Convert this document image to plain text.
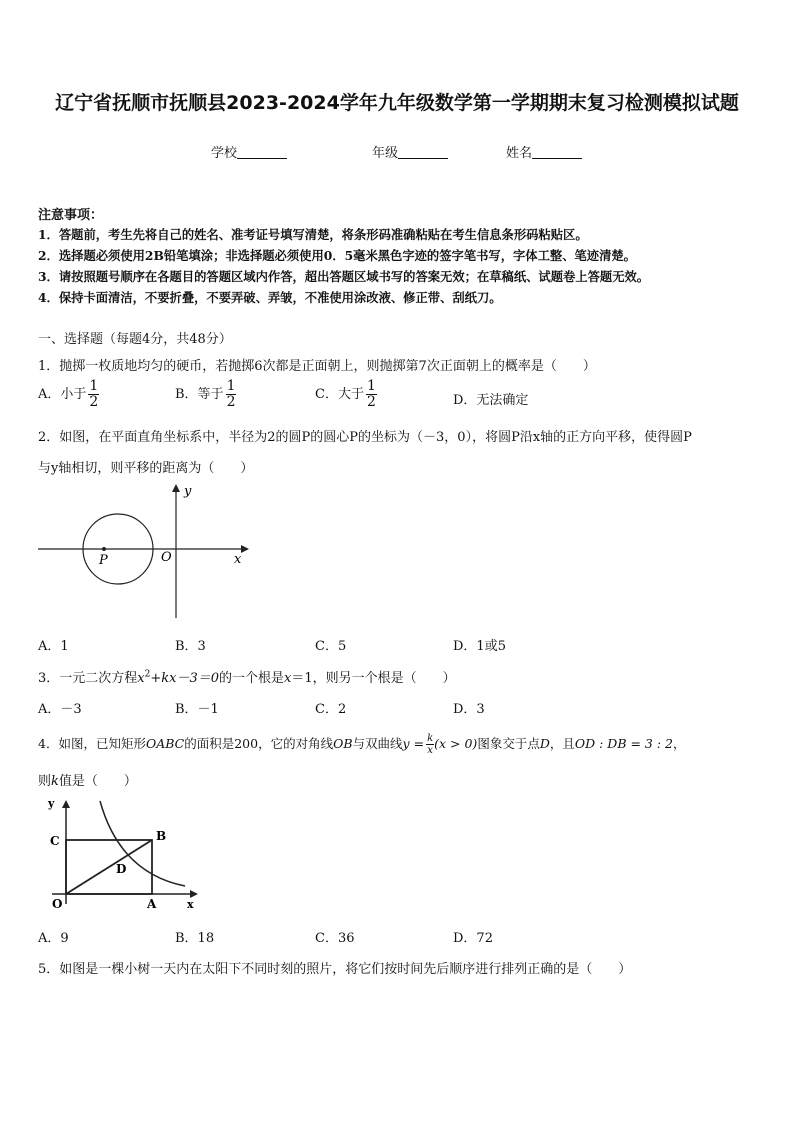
辽宁省抚顺市抚顺县2023-2024学年九年级数学第一学期期末复习检测模拟试题
学校	年级	姓名
注意事项：
1．答题前，考生先将自己的姓名、准考证号填写清楚，将条形码准确粘贴在考生信息条形码粘贴区。
2．选择题必须使用2B铅笔填涂；非选择题必须使用0．5毫米黑色字迹的签字笔书写，字体工整、笔迹清楚。
3．请按照题号顺序在各题目的答题区域内作答，超出答题区域书写的答案无效；在草稿纸、试题卷上答题无效。
4．保持卡面清洁，不要折叠，不要弄破、弄皱，不准使用涂改液、修正带、刮纸刀。
一、选择题（每题4分，共48分）
1．抛掷一枚质地均匀的硬币，若抛掷6次都是正面朝上，则抛掷第7次正面朝上的概率是（　　）
A．小于 $\frac{1}{2}$	B．等于 $\frac{1}{2}$	C．大于 $\frac{1}{2}$	D．无法确定
2．如图，在平面直角坐标系中，半径为2的圆P的圆心P的坐标为（－3，0），将圆P沿x轴的正方向平移，使得圆P
与y轴相切，则平移的距离为（　　）
y
x
P	O
A．1	B．3	C．5	D．1或5
3．一元二次方程$x^2+kx-3=0$的一个根是x＝1，则另一个根是（　　）
A．－3	B．－1	C．2	D．3
4．如图，已知矩形OABC的面积是200，它的对角线OB与双曲线$y = \frac{k}{x} (x > 0)$图象交于点D，且OD : DB = 3 : 2，
则k值是（　　）
y
x
C	B
D
O	A
A．9	B．18	C．36	D．72
5．如图是一棵小树一天内在太阳下不同时刻的照片，将它们按时间先后顺序进行排列正确的是（　　）
